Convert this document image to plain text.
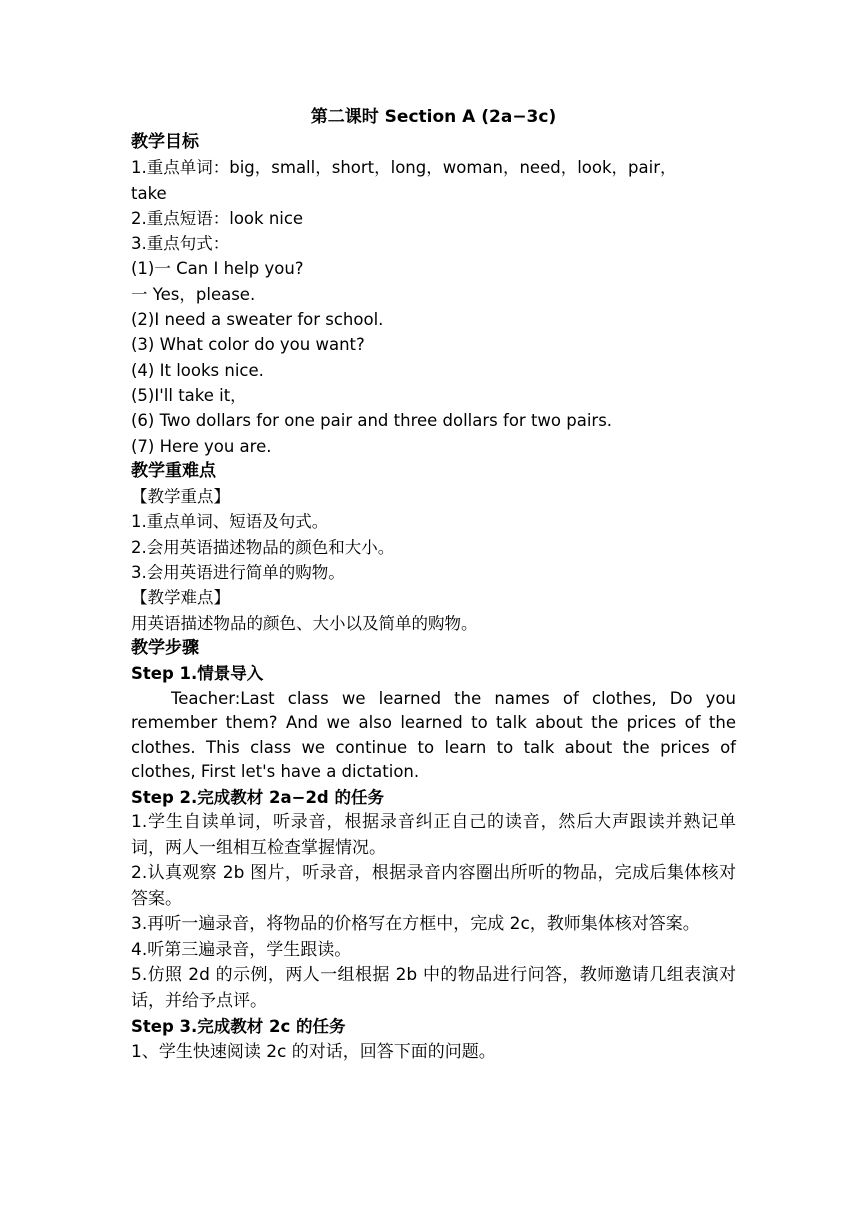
第二课时 Section A (2a−3c)
教学目标
1.重点单词：big，small，short，long，woman，need，look，pair，
take
2.重点短语：look nice
3.重点句式：
(1)一 Can I help you?
一 Yes，please.
(2)I need a sweater for school.
(3) What color do you want?
(4) It looks nice.
(5)I'll take it，
(6) Two dollars for one pair and three dollars for two pairs.
(7) Here you are.
教学重难点
【教学重点】
1.重点单词、短语及句式。
2.会用英语描述物品的颜色和大小。
3.会用英语进行简单的购物。
【教学难点】
用英语描述物品的颜色、大小以及简单的购物。
教学步骤
Step 1.情景导入
Teacher:Last class we learned the names of clothes, Do you remember them? And we also learned to talk about the prices of the clothes. This class we continue to learn to talk about the prices of clothes, First let's have a dictation.
Step 2.完成教材 2a−2d 的任务
1.学生自读单词，听录音，根据录音纠正自己的读音，然后大声跟读并熟记单词，两人一组相互检查掌握情况。
2.认真观察 2b 图片，听录音，根据录音内容圈出所听的物品，完成后集体核对答案。
3.再听一遍录音，将物品的价格写在方框中，完成 2c，教师集体核对答案。
4.听第三遍录音，学生跟读。
5.仿照 2d 的示例，两人一组根据 2b 中的物品进行问答，教师邀请几组表演对话，并给予点评。
Step 3.完成教材 2c 的任务
1、学生快速阅读 2c 的对话，回答下面的问题。
